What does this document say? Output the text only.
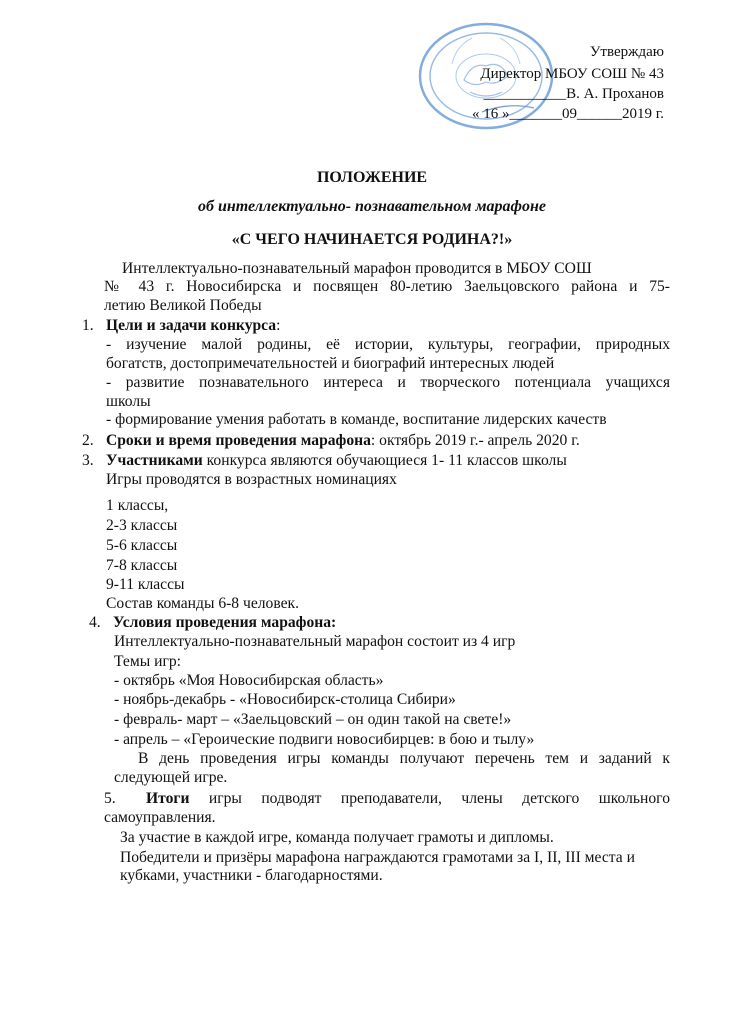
Утверждаю
Директор МБОУ СОШ № 43
___________В. А. Проханов
« 16 »_______09______2019 г.
ПОЛОЖЕНИЕ
об интеллектуально- познавательном марафоне
«С ЧЕГО НАЧИНАЕТСЯ РОДИНА?!»
Интеллектуально-познавательный марафон проводится в МБОУ СОШ
№ 43 г. Новосибирска и посвящен 80-летию Заельцовского района и 75-
летию Великой Победы
1. Цели и задачи конкурса:
- изучение малой родины, её истории, культуры, географии, природных
богатств, достопримечательностей и биографий интересных людей
- развитие познавательного интереса и творческого потенциала учащихся
школы
- формирование умения работать в команде, воспитание лидерских качеств
2. Сроки и время проведения марафона: октябрь 2019 г.- апрель 2020 г.
3. Участниками конкурса являются обучающиеся 1- 11 классов школы
Игры проводятся в возрастных номинациях
1 классы,
2-3 классы
5-6 классы
7-8 классы
9-11 классы
Состав команды 6-8 человек.
4. Условия проведения марафона:
Интеллектуально-познавательный марафон состоит из 4 игр
Темы игр:
- октябрь «Моя Новосибирская область»
- ноябрь-декабрь - «Новосибирск-столица Сибири»
- февраль- март – «Заельцовский – он один такой на свете!»
- апрель – «Героические подвиги новосибирцев: в бою и тылу»
В день проведения игры команды получают перечень тем и заданий к
следующей игре.
5. Итоги игры подводят преподаватели, члены детского школьного
самоуправления.
За участие в каждой игре, команда получает грамоты и дипломы.
Победители и призёры марафона награждаются грамотами за I, II, III места и
кубками, участники - благодарностями.
